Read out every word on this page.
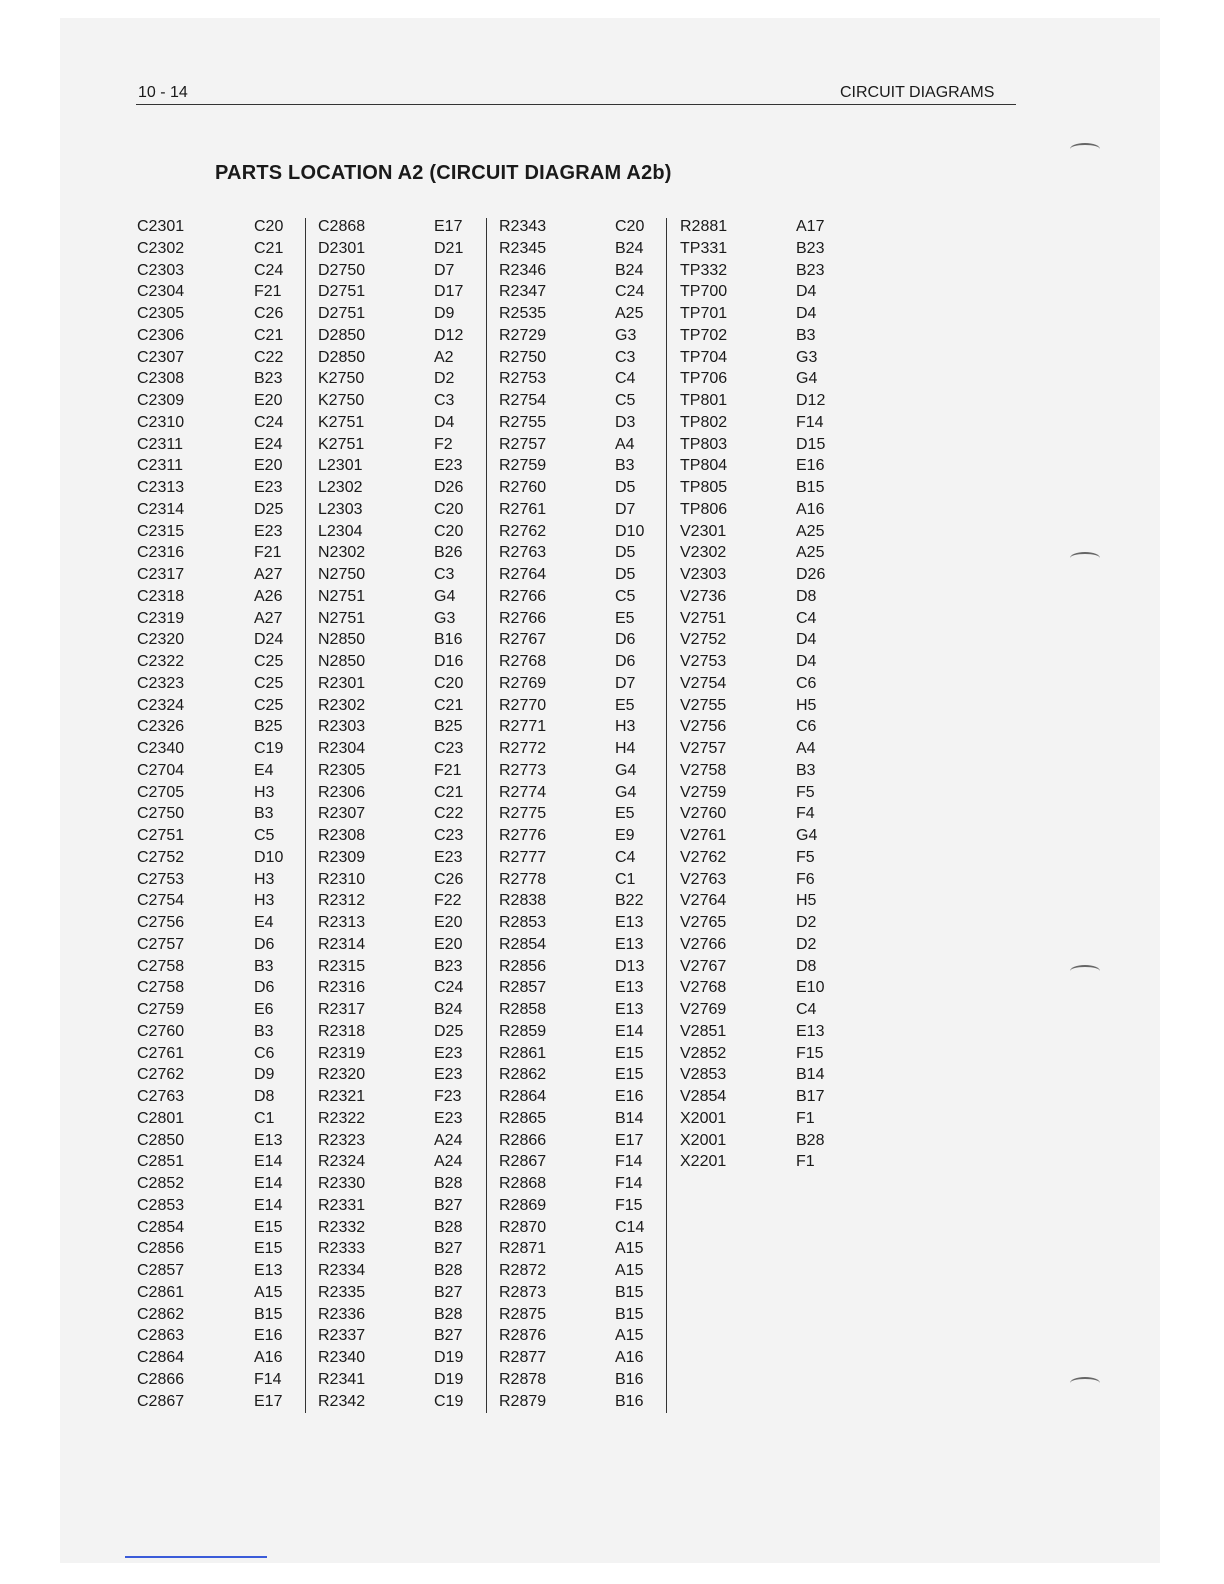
10 - 14	CIRCUIT DIAGRAMS
PARTS LOCATION A2 (CIRCUIT DIAGRAM A2b)
C2301
C2302
C2303
C2304
C2305
C2306
C2307
C2308
C2309
C2310
C2311
C2311
C2313
C2314
C2315
C2316
C2317
C2318
C2319
C2320
C2322
C2323
C2324
C2326
C2340
C2704
C2705
C2750
C2751
C2752
C2753
C2754
C2756
C2757
C2758
C2758
C2759
C2760
C2761
C2762
C2763
C2801
C2850
C2851
C2852
C2853
C2854
C2856
C2857
C2861
C2862
C2863
C2864
C2866
C2867
C20
C21
C24
F21
C26
C21
C22
B23
E20
C24
E24
E20
E23
D25
E23
F21
A27
A26
A27
D24
C25
C25
C25
B25
C19
E4
H3
B3
C5
D10
H3
H3
E4
D6
B3
D6
E6
B3
C6
D9
D8
C1
E13
E14
E14
E14
E15
E15
E13
A15
B15
E16
A16
F14
E17
C2868
D2301
D2750
D2751
D2751
D2850
D2850
K2750
K2750
K2751
K2751
L2301
L2302
L2303
L2304
N2302
N2750
N2751
N2751
N2850
N2850
R2301
R2302
R2303
R2304
R2305
R2306
R2307
R2308
R2309
R2310
R2312
R2313
R2314
R2315
R2316
R2317
R2318
R2319
R2320
R2321
R2322
R2323
R2324
R2330
R2331
R2332
R2333
R2334
R2335
R2336
R2337
R2340
R2341
R2342
E17
D21
D7
D17
D9
D12
A2
D2
C3
D4
F2
E23
D26
C20
C20
B26
C3
G4
G3
B16
D16
C20
C21
B25
C23
F21
C21
C22
C23
E23
C26
F22
E20
E20
B23
C24
B24
D25
E23
E23
F23
E23
A24
A24
B28
B27
B28
B27
B28
B27
B28
B27
D19
D19
C19
R2343
R2345
R2346
R2347
R2535
R2729
R2750
R2753
R2754
R2755
R2757
R2759
R2760
R2761
R2762
R2763
R2764
R2766
R2766
R2767
R2768
R2769
R2770
R2771
R2772
R2773
R2774
R2775
R2776
R2777
R2778
R2838
R2853
R2854
R2856
R2857
R2858
R2859
R2861
R2862
R2864
R2865
R2866
R2867
R2868
R2869
R2870
R2871
R2872
R2873
R2875
R2876
R2877
R2878
R2879
C20
B24
B24
C24
A25
G3
C3
C4
C5
D3
A4
B3
D5
D7
D10
D5
D5
C5
E5
D6
D6
D7
E5
H3
H4
G4
G4
E5
E9
C4
C1
B22
E13
E13
D13
E13
E13
E14
E15
E15
E16
B14
E17
F14
F14
F15
C14
A15
A15
B15
B15
A15
A16
B16
B16
R2881
TP331
TP332
TP700
TP701
TP702
TP704
TP706
TP801
TP802
TP803
TP804
TP805
TP806
V2301
V2302
V2303
V2736
V2751
V2752
V2753
V2754
V2755
V2756
V2757
V2758
V2759
V2760
V2761
V2762
V2763
V2764
V2765
V2766
V2767
V2768
V2769
V2851
V2852
V2853
V2854
X2001
X2001
X2201
A17
B23
B23
D4
D4
B3
G3
G4
D12
F14
D15
E16
B15
A16
A25
A25
D26
D8
C4
D4
D4
C6
H5
C6
A4
B3
F5
F4
G4
F5
F6
H5
D2
D2
D8
E10
C4
E13
F15
B14
B17
F1
B28
F1
